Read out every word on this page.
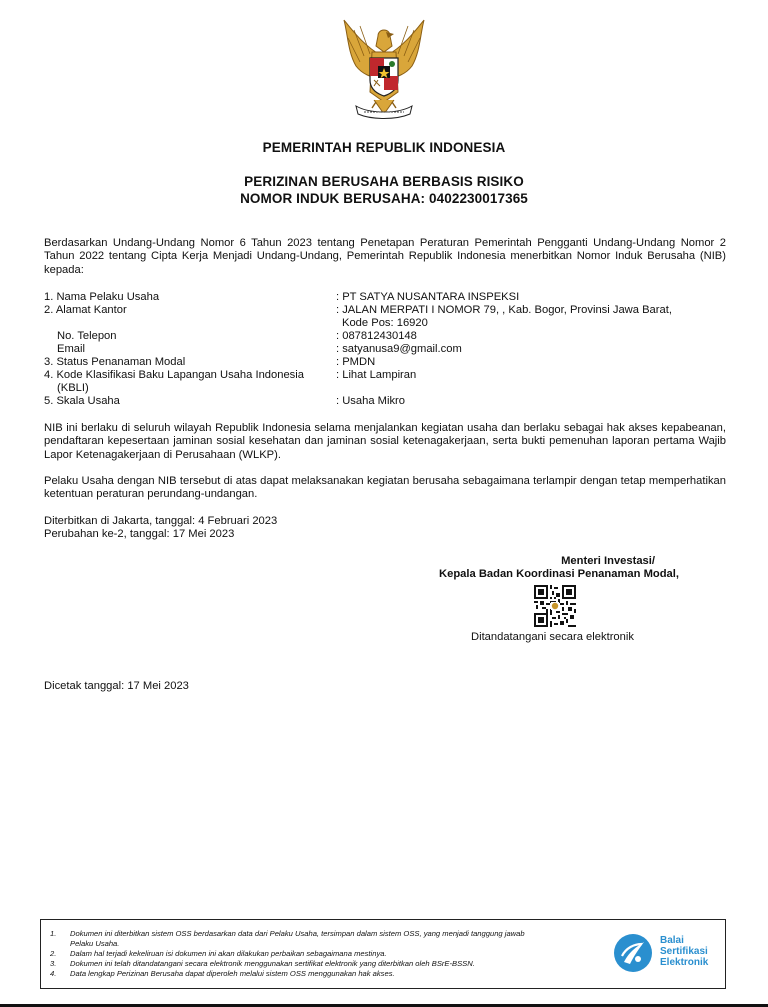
PEMERINTAH REPUBLIK INDONESIA
PERIZINAN BERUSAHA BERBASIS RISIKO
NOMOR INDUK BERUSAHA: 0402230017365

Berdasarkan Undang-Undang Nomor 6 Tahun 2023 tentang Penetapan Peraturan Pemerintah Pengganti Undang-Undang Nomor 2 Tahun 2022 tentang Cipta Kerja Menjadi Undang-Undang, Pemerintah Republik Indonesia menerbitkan Nomor Induk Berusaha (NIB) kepada:

1. Nama Pelaku Usaha	: PT SATYA NUSANTARA INSPEKSI
2. Alamat Kantor	: JALAN MERPATI I NOMOR 79, , Kab. Bogor, Provinsi Jawa Barat,
Kode Pos: 16920
No. Telepon	: 087812430148
Email	: satyanusa9@gmail.com
3. Status Penanaman Modal	: PMDN
4. Kode Klasifikasi Baku Lapangan Usaha Indonesia	: Lihat Lampiran
(KBLI)
5. Skala Usaha	: Usaha Mikro

NIB ini berlaku di seluruh wilayah Republik Indonesia selama menjalankan kegiatan usaha dan berlaku sebagai hak akses kepabeanan, pendaftaran kepesertaan jaminan sosial kesehatan dan jaminan sosial ketenagakerjaan, serta bukti pemenuhan laporan pertama Wajib Lapor Ketenagakerjaan di Perusahaan (WLKP).

Pelaku Usaha dengan NIB tersebut di atas dapat melaksanakan kegiatan berusaha sebagaimana terlampir dengan tetap memperhatikan ketentuan peraturan perundang-undangan.

Diterbitkan di Jakarta, tanggal: 4 Februari 2023
Perubahan ke-2, tanggal: 17 Mei 2023
Menteri Investasi/
Kepala Badan Koordinasi Penanaman Modal,
Ditandatangani secara elektronik
Dicetak tanggal: 17 Mei 2023
1. Dokumen ini diterbitkan sistem OSS berdasarkan data dari Pelaku Usaha, tersimpan dalam sistem OSS, yang menjadi tanggung jawab
Pelaku Usaha.
2. Dalam hal terjadi kekeliruan isi dokumen ini akan dilakukan perbaikan sebagaimana mestinya.
3. Dokumen ini telah ditandatangani secara elektronik menggunakan sertifikat elektronik yang diterbitkan oleh BSrE-BSSN.
4. Data lengkap Perizinan Berusaha dapat diperoleh melalui sistem OSS menggunakan hak akses.
Balai
Sertifikasi
Elektronik
